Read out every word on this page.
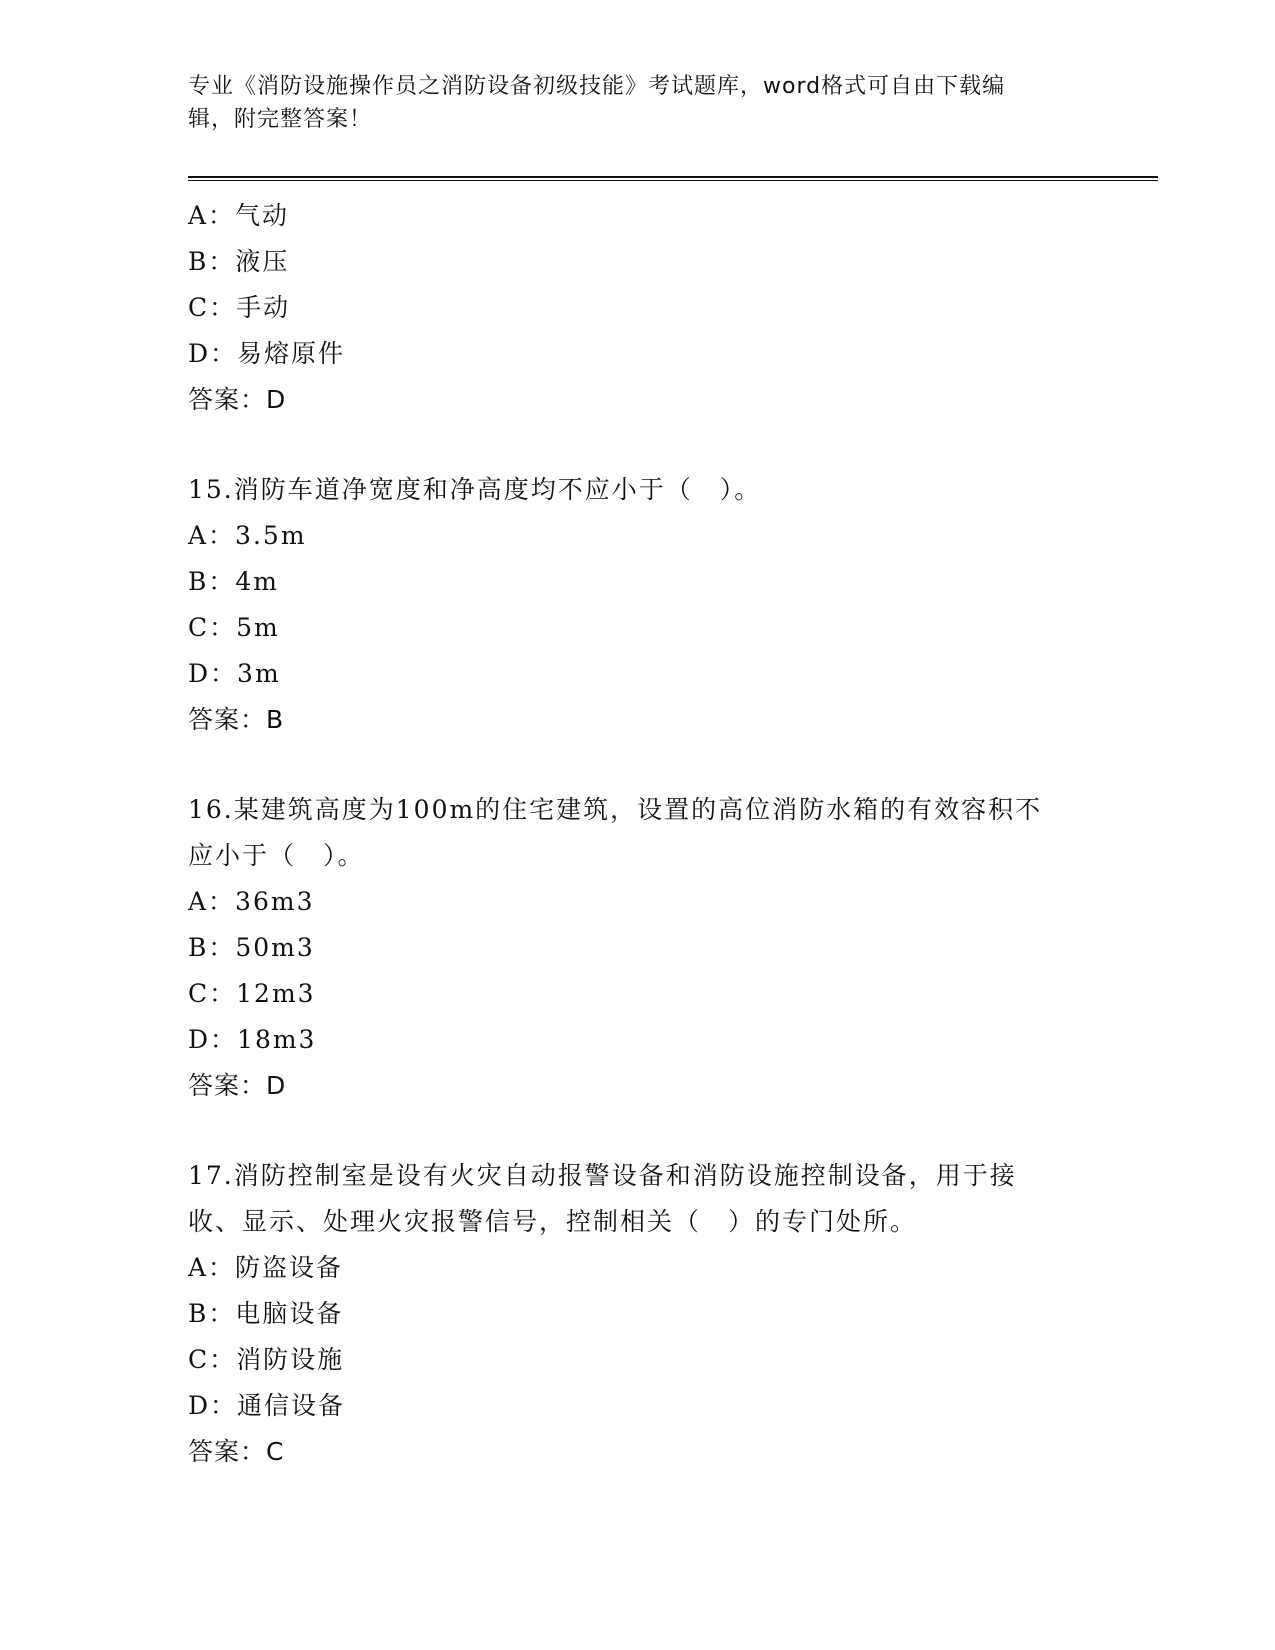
专业《消防设施操作员之消防设备初级技能》考试题库，word格式可自由下载编
辑，附完整答案！
A：气动
B：液压
C：手动
D：易熔原件
答案：D
15.消防车道净宽度和净高度均不应小于（　）。
A：3.5m
B：4m
C：5m
D：3m
答案：B
16.某建筑高度为100m的住宅建筑，设置的高位消防水箱的有效容积不应小于（　）。
A：36m3
B：50m3
C：12m3
D：18m3
答案：D
17.消防控制室是设有火灾自动报警设备和消防设施控制设备，用于接收、显示、处理火灾报警信号，控制相关（　）的专门处所。
A：防盗设备
B：电脑设备
C：消防设施
D：通信设备
答案：C
